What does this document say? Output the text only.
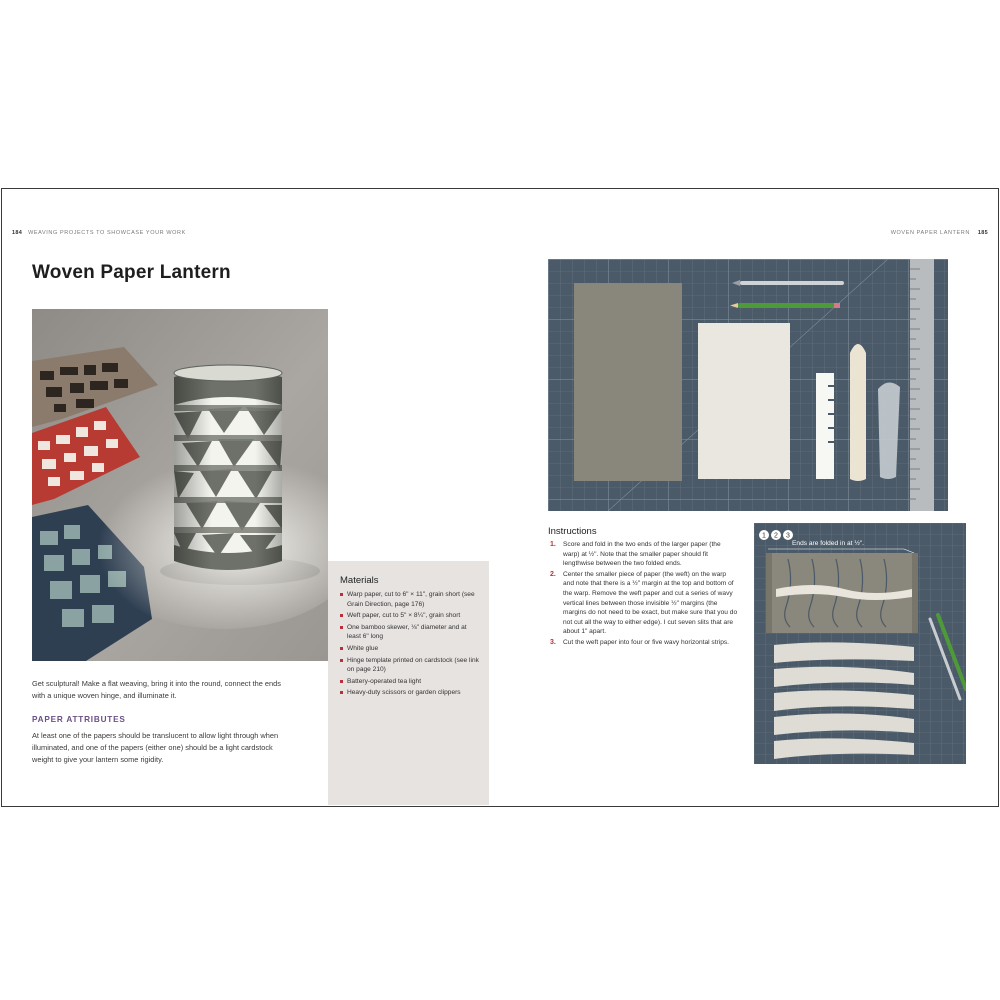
184 WEAVING PROJECTS TO SHOWCASE YOUR WORK
Woven Paper Lantern

Get sculptural! Make a flat weaving, bring it into the round, connect the ends with a unique woven hinge, and illuminate it.

PAPER ATTRIBUTES

At least one of the papers should be translucent to allow light through when illuminated, and one of the papers (either one) should be a light cardstock weight to give your lantern some rigidity.

Materials
Warp paper, cut to 6" × 11", grain short (see Grain Direction, page 176)
Weft paper, cut to 5" × 8¼", grain short
One bamboo skewer, ⅛" diameter and at least 6" long
White glue
Hinge template printed on cardstock (see link on page 210)
Battery-operated tea light
Heavy-duty scissors or garden clippers
WOVEN PAPER LANTERN 185
Instructions
1. Score and fold in the two ends of the larger paper (the warp) at ½". Note that the smaller paper should fit lengthwise between the two folded ends.
2. Center the smaller piece of paper (the weft) on the warp and note that there is a ½" margin at the top and bottom of the warp. Remove the weft paper and cut a series of wavy vertical lines between those invisible ½" margins (the margins do not need to be exact, but make sure that you do not cut all the way to either edge). I cut seven slits that are about 1" apart.
3. Cut the weft paper into four or five wavy horizontal strips.
1 2 3
Ends are folded in at ½".
